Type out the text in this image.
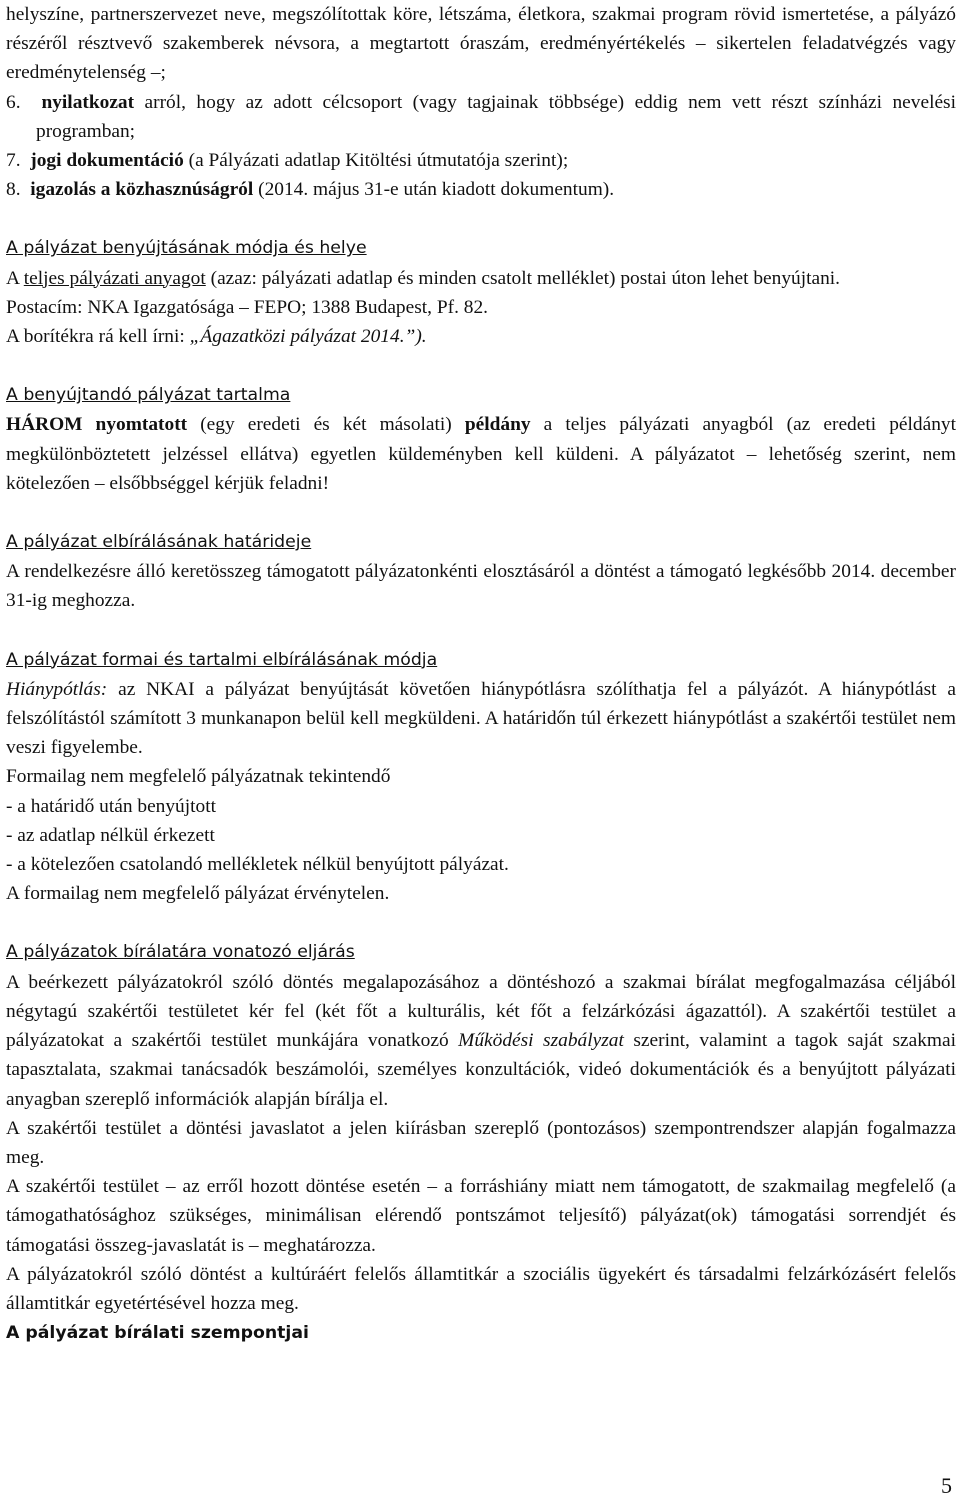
helyszíne, partnerszervezet neve, megszólítottak köre, létszáma, életkora, szakmai program rövid ismertetése, a pályázó részéről résztvevő szakemberek névsora, a megtartott óraszám, eredményértékelés – sikertelen feladatvégzés vagy eredménytelenség –;

6. nyilatkozat arról, hogy az adott célcsoport (vagy tagjainak többsége) eddig nem vett részt színházi nevelési programban;

7. jogi dokumentáció (a Pályázati adatlap Kitöltési útmutatója szerint);

8. igazolás a közhasznúságról (2014. május 31-e után kiadott dokumentum).

A pályázat benyújtásának módja és helye

A teljes pályázati anyagot (azaz: pályázati adatlap és minden csatolt melléklet) postai úton lehet benyújtani.

Postacím: NKA Igazgatósága – FEPO; 1388 Budapest, Pf. 82.

A borítékra rá kell írni: „Ágazatközi pályázat 2014.”).

A benyújtandó pályázat tartalma

HÁROM nyomtatott (egy eredeti és két másolati) példány a teljes pályázati anyagból (az eredeti példányt megkülönböztetett jelzéssel ellátva) egyetlen küldeményben kell küldeni. A pályázatot – lehetőség szerint, nem kötelezően – elsőbbséggel kérjük feladni!

A pályázat elbírálásának határideje

A rendelkezésre álló keretösszeg támogatott pályázatonkénti elosztásáról a döntést a támogató legkésőbb 2014. december 31-ig meghozza.

A pályázat formai és tartalmi elbírálásának módja

Hiánypótlás: az NKAI a pályázat benyújtását követően hiánypótlásra szólíthatja fel a pályázót. A hiánypótlást a felszólítástól számított 3 munkanapon belül kell megküldeni. A határidőn túl érkezett hiánypótlást a szakértői testület nem veszi figyelembe.

Formailag nem megfelelő pályázatnak tekintendő

- a határidő után benyújtott

- az adatlap nélkül érkezett

- a kötelezően csatolandó mellékletek nélkül benyújtott pályázat.

A formailag nem megfelelő pályázat érvénytelen.

A pályázatok bírálatára vonatozó eljárás

A beérkezett pályázatokról szóló döntés megalapozásához a döntéshozó a szakmai bírálat megfogalmazása céljából négytagú szakértői testületet kér fel (két főt a kulturális, két főt a felzárkózási ágazattól). A szakértői testület a pályázatokat a szakértői testület munkájára vonatkozó Működési szabályzat szerint, valamint a tagok saját szakmai tapasztalata, szakmai tanácsadók beszámolói, személyes konzultációk, videó dokumentációk és a benyújtott pályázati anyagban szereplő információk alapján bírálja el.

A szakértői testület a döntési javaslatot a jelen kiírásban szereplő (pontozásos) szempontrendszer alapján fogalmazza meg.

A szakértői testület – az erről hozott döntése esetén – a forráshiány miatt nem támogatott, de szakmailag megfelelő (a támogathatósághoz szükséges, minimálisan elérendő pontszámot teljesítő) pályázat(ok) támogatási sorrendjét és támogatási összeg-javaslatát is – meghatározza.

A pályázatokról szóló döntést a kultúráért felelős államtitkár a szociális ügyekért és társadalmi felzárkózásért felelős államtitkár egyetértésével hozza meg.

A pályázat bírálati szempontjai

5
